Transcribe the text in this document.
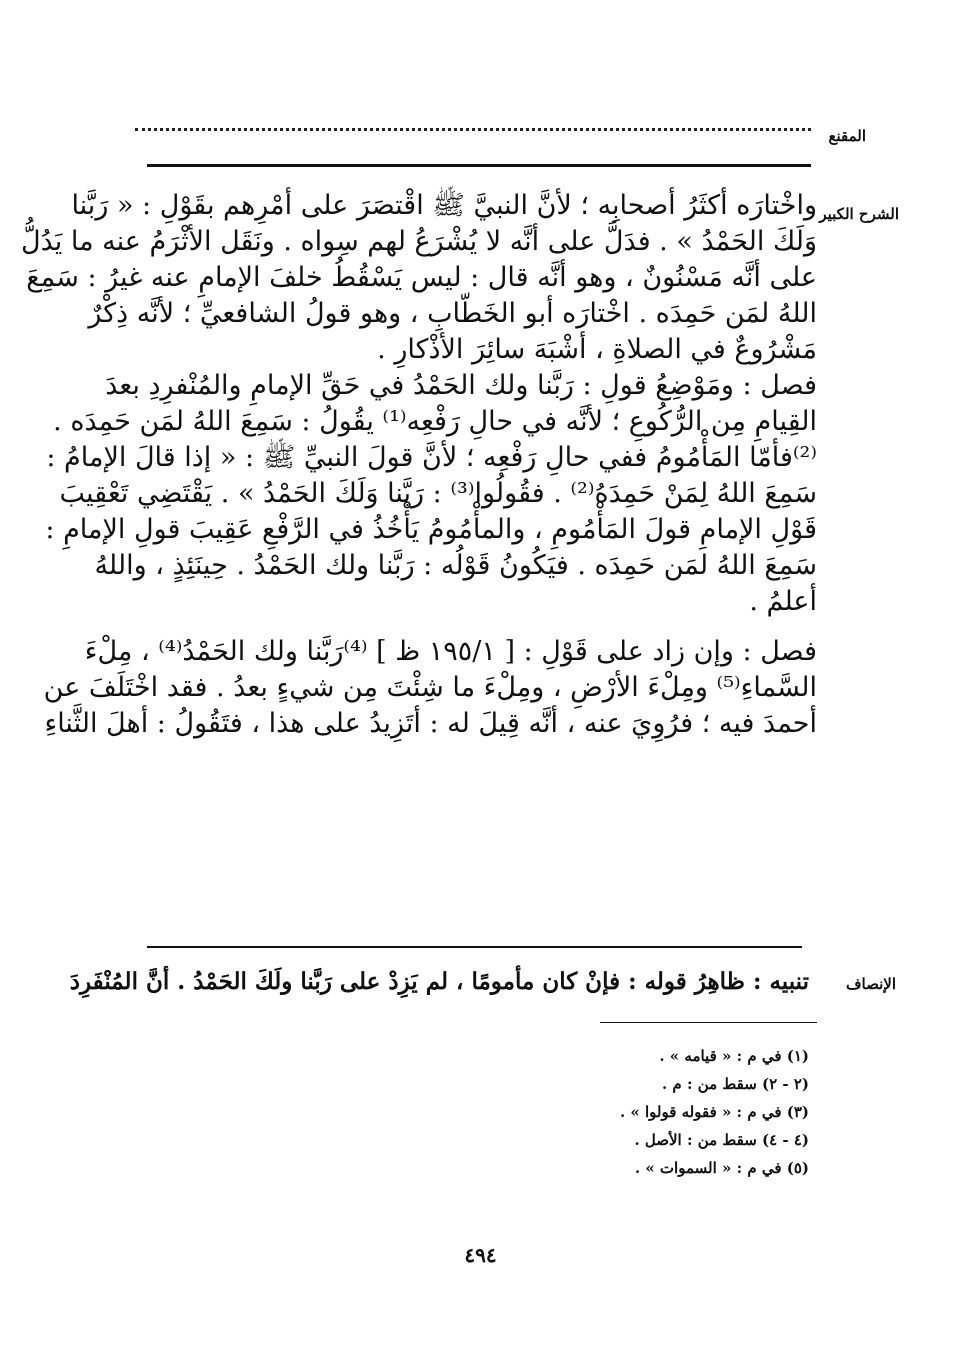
المقنع
الشرح الكبير
واخْتارَه أكثَرُ أصحابِه ؛ لأنَّ النبيَّ ﷺ اقْتصَرَ على أمْرِهم بقَوْلِ : « رَبَّنا
وَلَكَ الحَمْدُ » . فدَلَّ على أنَّه لا يُشْرَعُ لهم سِواه . ونَقَل الأثْرَمُ عنه ما يَدُلُّ
على أنَّه مَسْنُونٌ ، وهو أنَّه قال : ليس يَسْقُطُ خلفَ الإمامِ عنه غيرُ : سَمِعَ
اللهُ لمَن حَمِدَه . اخْتارَه أبو الخَطّابِ ، وهو قولُ الشافعيِّ ؛ لأنَّه ذِكْرٌ
مَشْرُوعٌ في الصلاةِ ، أشْبَهَ سائِرَ الأذْكارِ .
فصل : ومَوْضِعُ قولِ : رَبَّنا ولك الحَمْدُ في حَقِّ الإمامِ والمُنْفرِدِ بعدَ
القِيامِ مِن الرُّكُوعِ ؛ لأنَّه في حالِ رَفْعِه⁽¹⁾ يقُولُ : سَمِعَ اللهُ لمَن حَمِدَه .
⁽²⁾فأمّا المَأْمُومُ ففي حالِ رَفْعِه ؛ لأنَّ قولَ النبيِّ ﷺ : « إذا قالَ الإمامُ :
سَمِعَ اللهُ لِمَنْ حَمِدَهُ⁽²⁾ . فقُولُوا⁽³⁾ : رَبَّنا وَلَكَ الحَمْدُ » . يَقْتَضِي تَعْقِيبَ
قَوْلِ الإمامِ قولَ المَأْمُومِ ، والمأْمُومُ يَأْخُذُ في الرَّفْعِ عَقِيبَ قولِ الإمامِ :
سَمِعَ اللهُ لمَن حَمِدَه . فيَكُونُ قَوْلُه : رَبَّنا ولك الحَمْدُ . حِينَئِذٍ ، واللهُ
أعلمُ .
فصل : وإن زاد على قَوْلِ : [ ١٩٥/١ ظ ] ⁽⁴⁾رَبَّنا ولك الحَمْدُ⁽⁴⁾ ، مِلْءَ
السَّماءِ⁽⁵⁾ ومِلْءَ الأرْضِ ، ومِلْءَ ما شِئْتَ مِن شيءٍ بعدُ . فقد اخْتَلَفَ عن
أحمدَ فيه ؛ فرُوِيَ عنه ، أنَّه قِيلَ له : أتَزِيدُ على هذا ، فتَقُولُ : أهلَ الثَّناءِ
الإنصاف
تنبيه : ظاهِرُ قوله : فإنْ كان مأمومًا ، لم يَزِدْ على رَبَّنا ولَكَ الحَمْدُ . أنَّ المُنْفَرِدَ
(١) في م : « قيامه » .
(٢ - ٢) سقط من : م .
(٣) في م : « فقوله قولوا » .
(٤ - ٤) سقط من : الأصل .
(٥) في م : « السموات » .
٤٩٤
